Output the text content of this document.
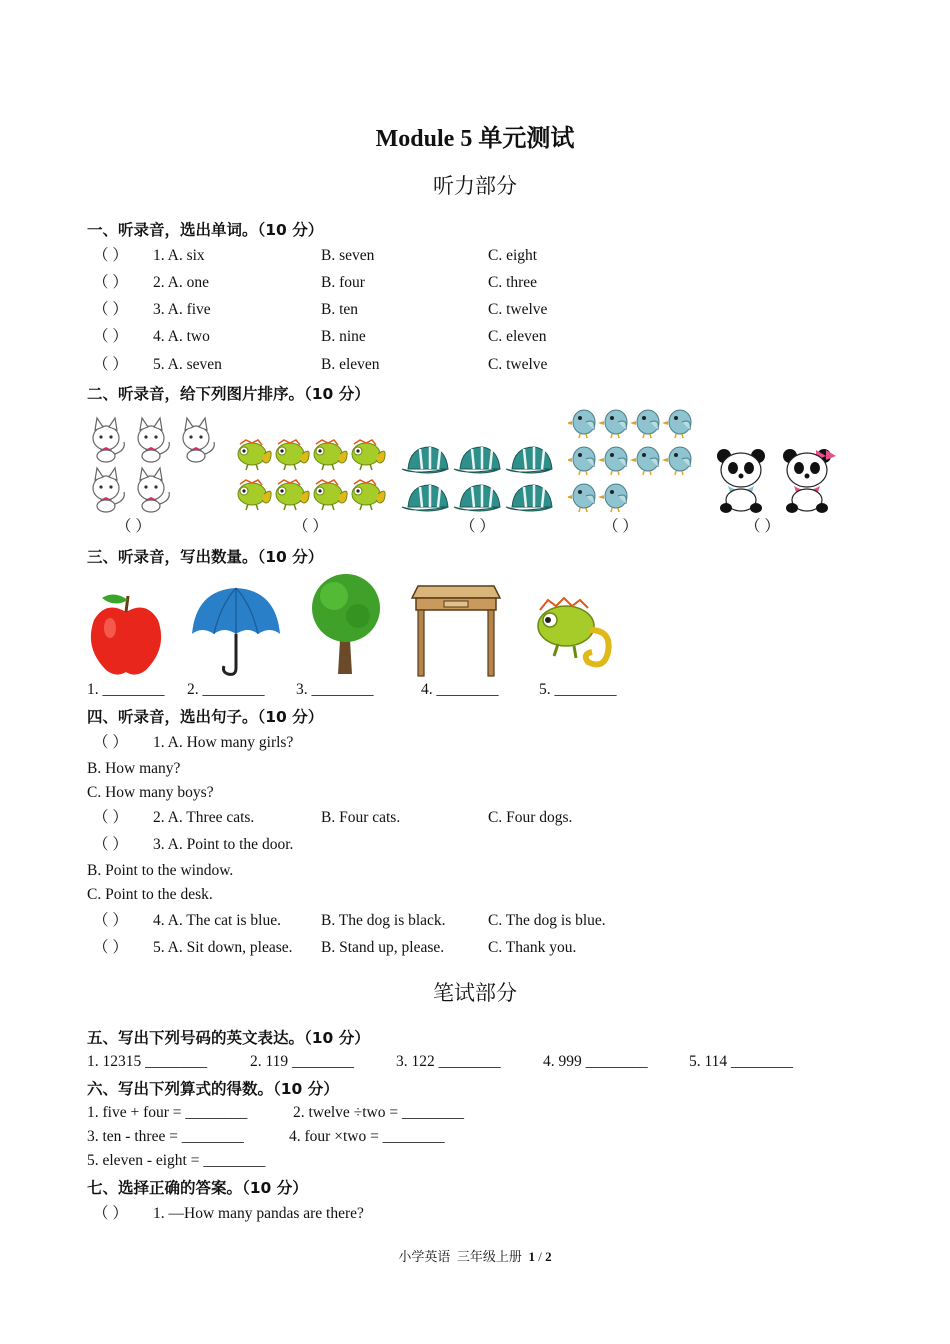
Module 5 单元测试
听力部分
一、听录音，选出单词。（10 分）
（ ） 1. A. six	B. seven	C. eight
（ ） 2. A. one	B. four	C. three
（ ） 3. A. five	B. ten	C. twelve
（ ） 4. A. two	B. nine	C. eleven
（ ） 5. A. seven	B. eleven	C. twelve
二、听录音，给下列图片排序。（10 分）
（ ）	（ ）	（ ）	（ ）	（ ）
三、听录音，写出数量。（10 分）
1. ________ 2. ________ 3. ________	4. ________	5. ________
四、听录音，选出句子。（10 分）
（ ） 1. A. How many girls?
B. How many?
C. How many boys?
（ ） 2. A. Three cats.	B. Four cats.	C. Four dogs.
（ ） 3. A. Point to the door.
B. Point to the window.
C. Point to the desk.
（ ） 4. A. The cat is blue.	B. The dog is black.	C. The dog is blue.
（ ） 5. A. Sit down, please. B. Stand up, please.	C. Thank you.
笔试部分
五、写出下列号码的英文表达。（10 分）
1. 12315 ________	2. 119 ________	3. 122 ________	4. 999 ________	5. 114 ________
六、写出下列算式的得数。（10 分）
1. five + four = ________	2. twelve ÷two = ________
3. ten - three = ________	4. four ×two = ________
5. eleven - eight = ________
七、选择正确的答案。（10 分）
（ ） 1. —How many pandas are there?
小学英语  三年级上册  1 / 2
